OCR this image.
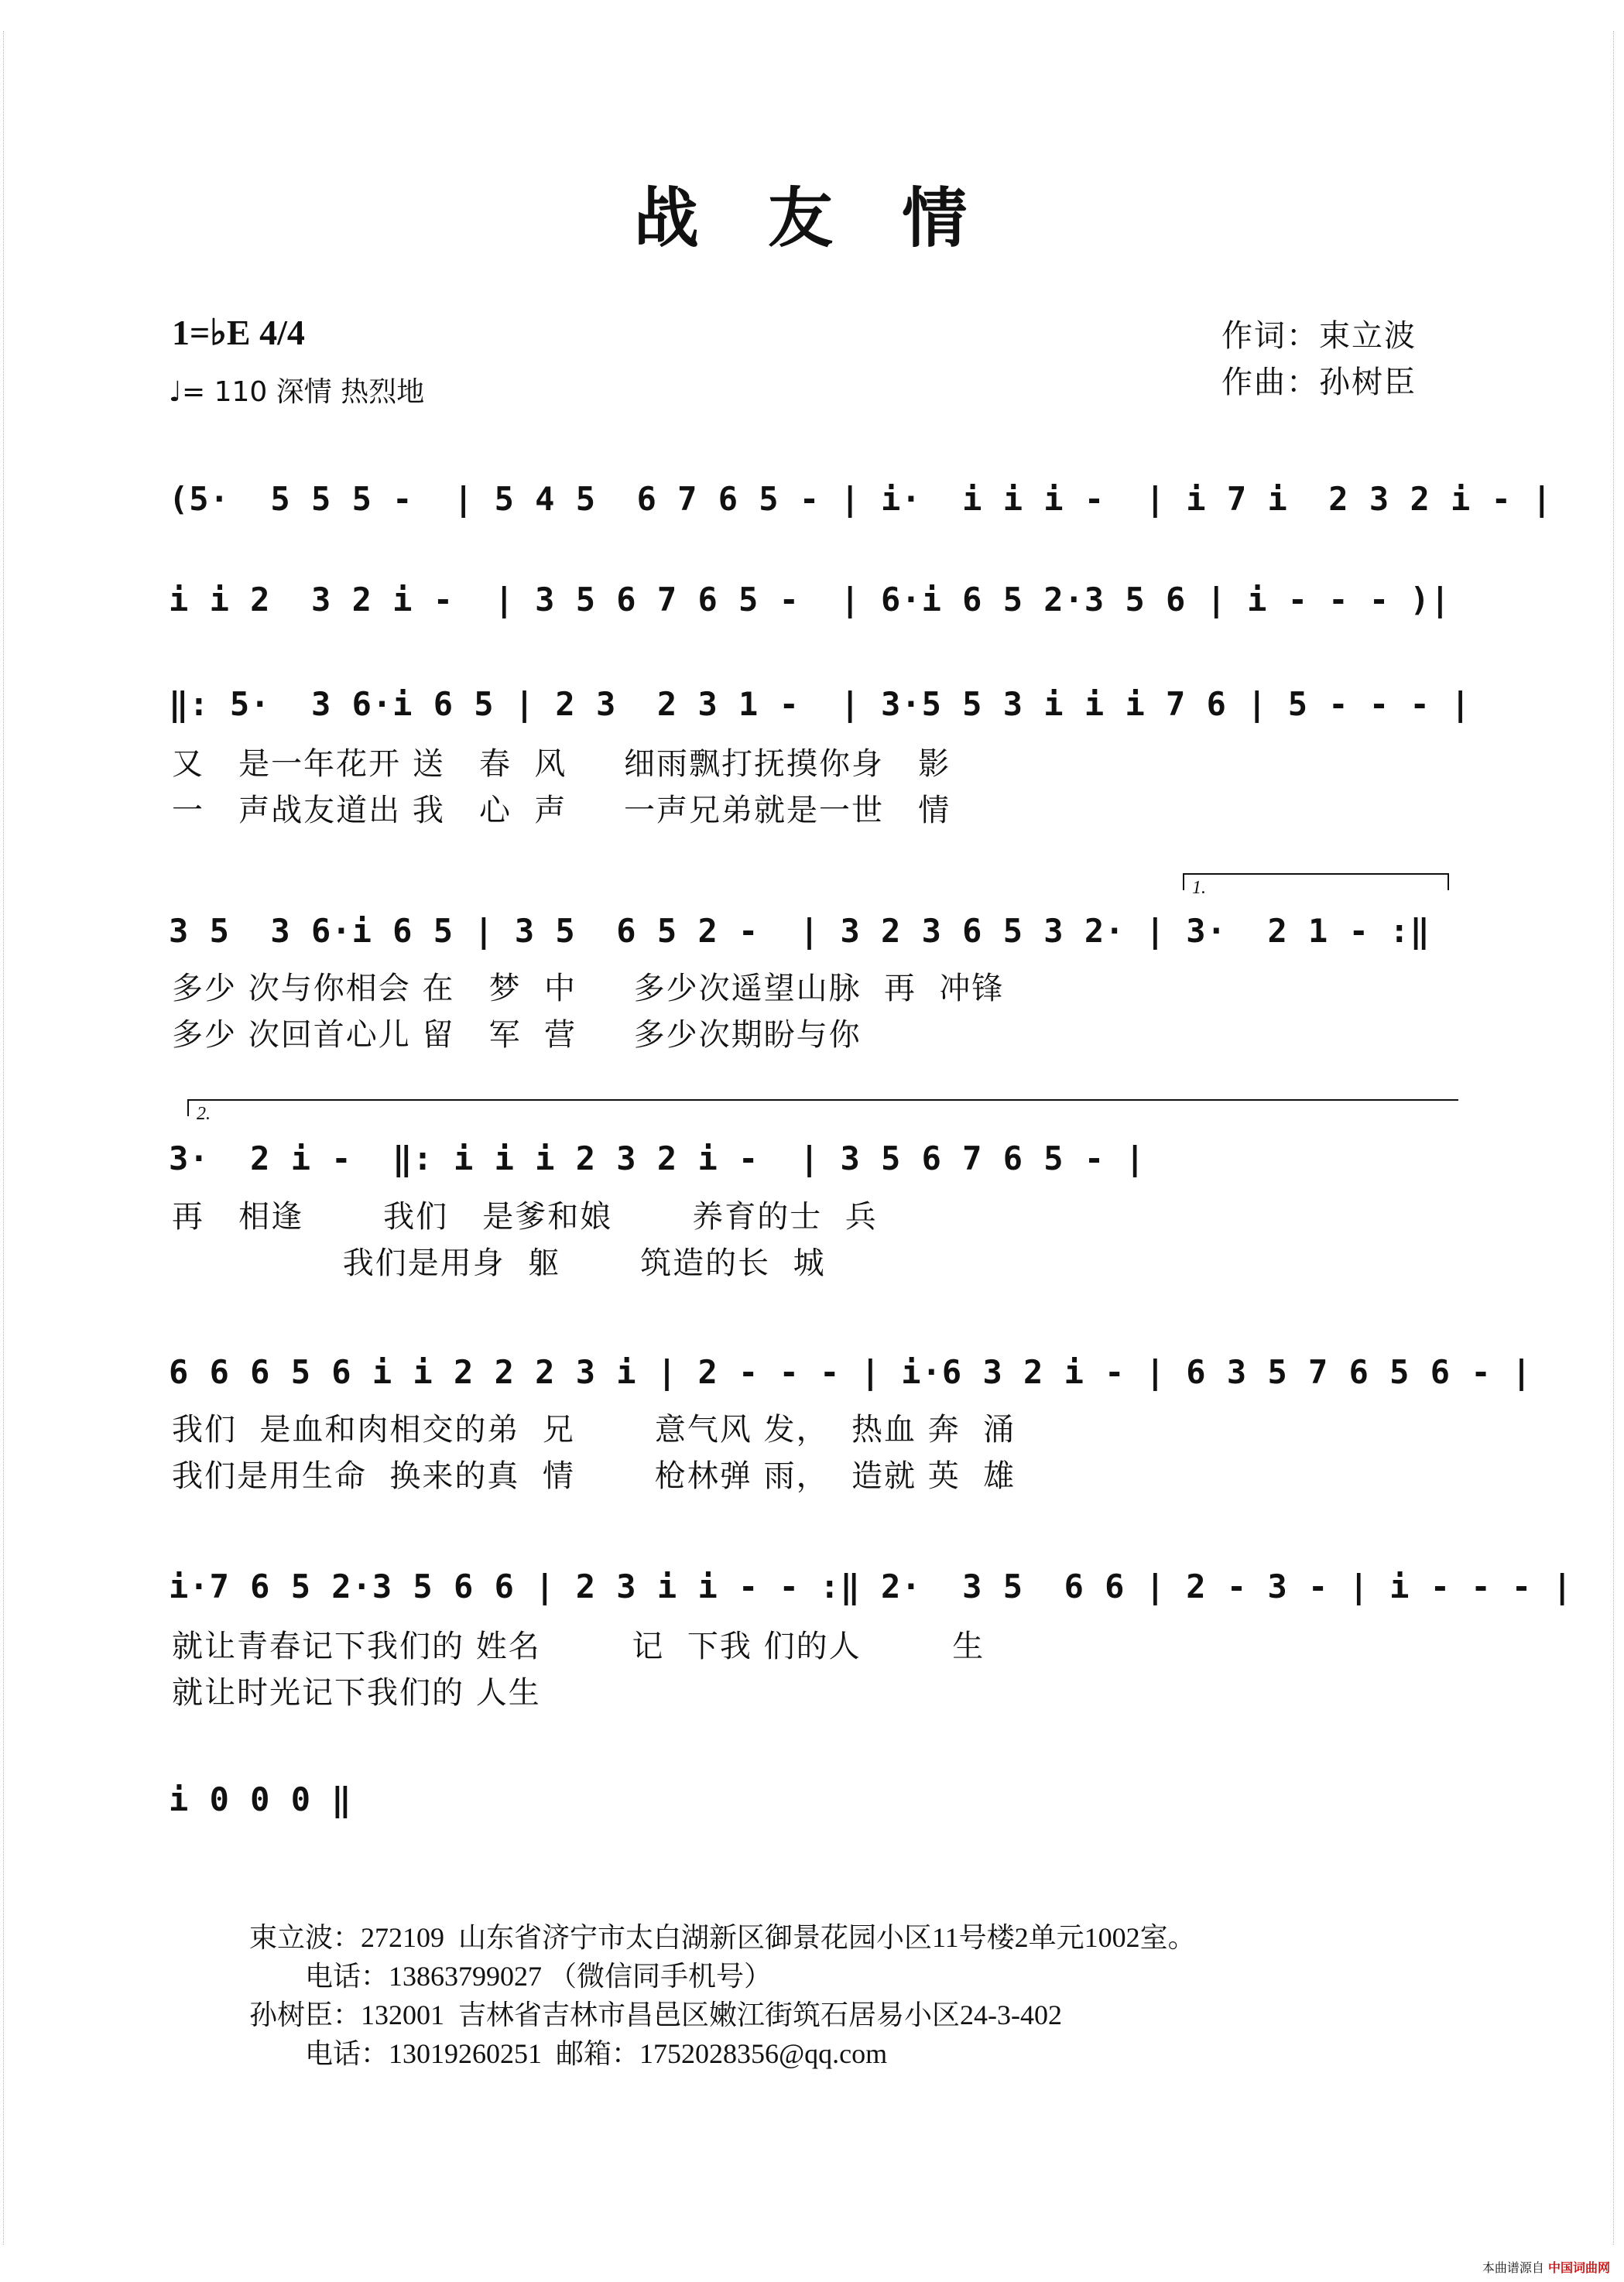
战 友 情
1=♭E 4/4
♩= 110 深情 热烈地
作词：束立波
作曲：孙树臣
(5·  5 5 5 -  | 5 4 5  6 7 6 5 - | i·  i i i -  | i 7 i  2 3 2 i - |
i i 2  3 2 i -  | 3 5 6 7 6 5 -  | 6·i 6 5 2·3 5 6 | i - - - )|
‖: 5·  3 6·i 6 5 | 2 3  2 3 1 -  | 3·5 5 3 i i i 7 6 | 5 - - - |
又   是一年花开 送   春  风     细雨飘打抚摸你身   影
一   声战友道出 我   心  声     一声兄弟就是一世   情
1.
3 5  3 6·i 6 5 | 3 5  6 5 2 -  | 3 2 3 6 5 3 2· | 3·  2 1 - :‖
多少 次与你相会 在   梦  中     多少次遥望山脉  再  冲锋
多少 次回首心儿 留   军  营     多少次期盼与你
2.
3·  2 i -  ‖: i i i 2 3 2 i -  | 3 5 6 7 6 5 - |
再   相逢       我们   是爹和娘       养育的士  兵
我们是用身  躯       筑造的长  城
6 6 6 5 6 i i 2 2 2 3 i | 2 - - - | i·6 3 2 i - | 6 3 5 7 6 5 6 - |
我们  是血和肉相交的弟  兄       意气风 发，  热血 奔  涌
我们是用生命  换来的真  情       枪林弹 雨，  造就 英  雄
i·7 6 5 2·3 5 6 6 | 2 3 i i - - :‖ 2·  3 5  6 6 | 2 - 3 - | i - - - |
就让青春记下我们的 姓名        记  下我 们的人        生
就让时光记下我们的 人生
i 0 0 0 ‖
束立波：272109  山东省济宁市太白湖新区御景花园小区11号楼2单元1002室。
电话：13863799027 （微信同手机号）
孙树臣：132001  吉林省吉林市昌邑区嫩江街筑石居易小区24-3-402
电话：13019260251  邮箱：1752028356@qq.com
本曲谱源自 中国词曲网
